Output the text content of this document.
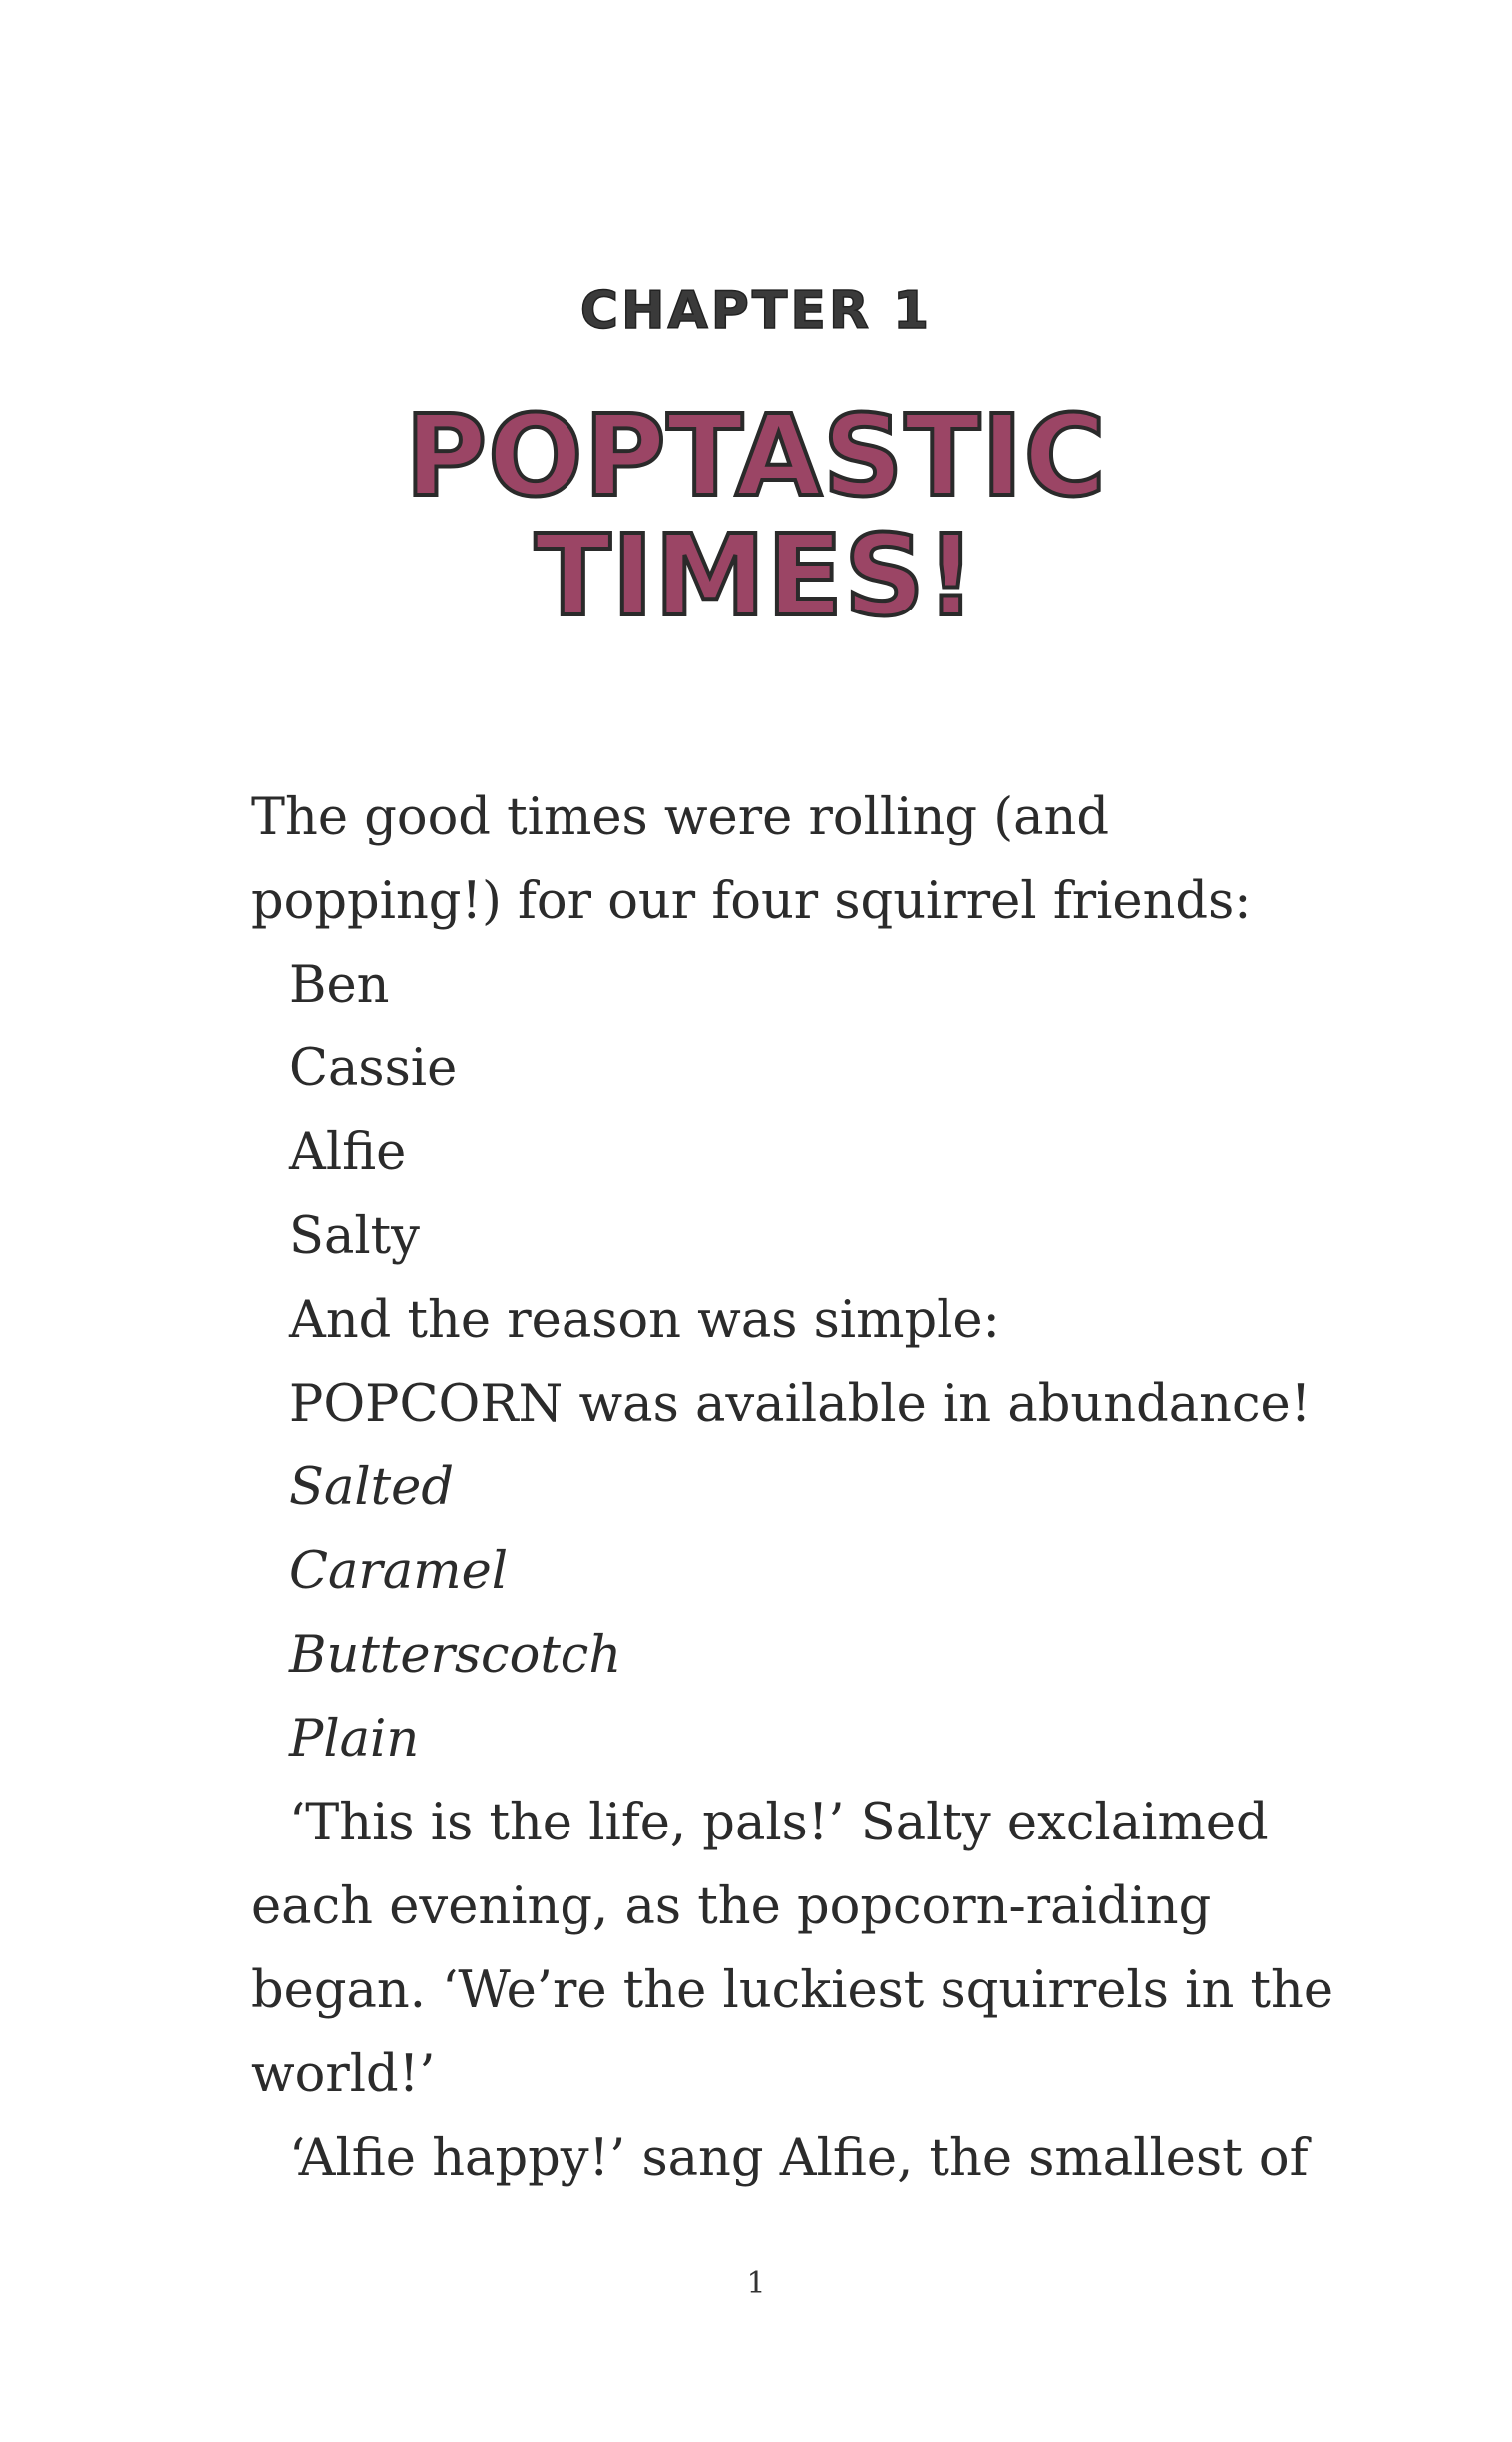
CHAPTER 1
POPTASTIC
TIMES!
The good times were rolling (and
popping!) for our four squirrel friends:
Ben
Cassie
Alfie
Salty
And the reason was simple:
POPCORN was available in abundance!
Salted
Caramel
Butterscotch
Plain
‘This is the life, pals!’ Salty exclaimed
each evening, as the popcorn-raiding
began. ‘We’re the luckiest squirrels in the
world!’
‘Alfie happy!’ sang Alfie, the smallest of
1
